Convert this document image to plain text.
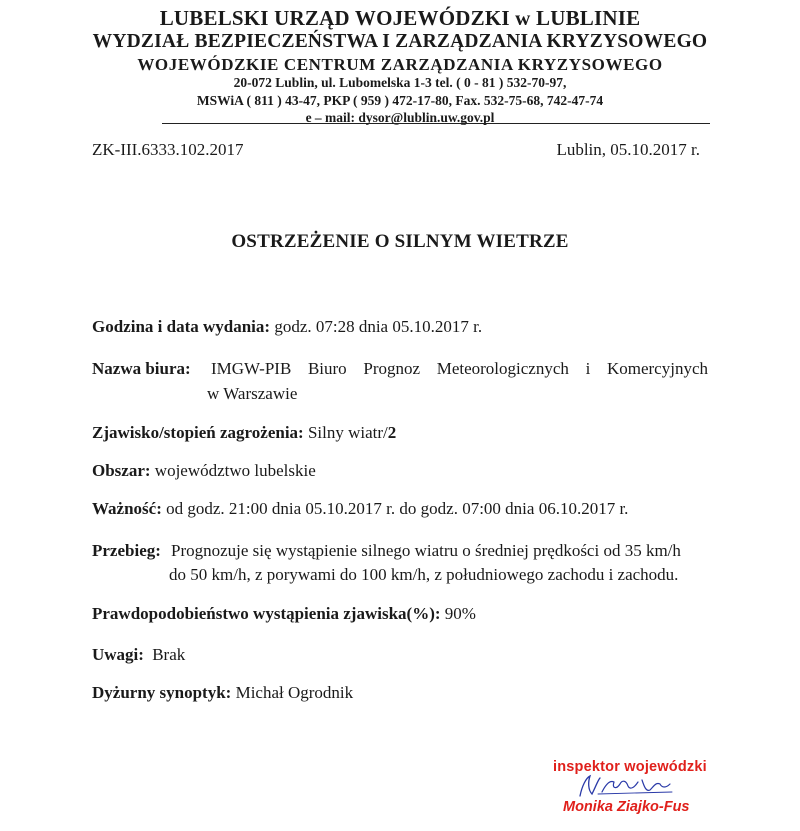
LUBELSKI URZĄD WOJEWÓDZKI w LUBLINIE
WYDZIAŁ BEZPIECZEŃSTWA I ZARZĄDZANIA KRYZYSOWEGO
WOJEWÓDZKIE CENTRUM ZARZĄDZANIA KRYZYSOWEGO
20-072 Lublin, ul. Lubomelska 1-3 tel. ( 0 - 81 ) 532-70-97,
MSWiA ( 811 ) 43-47, PKP ( 959 ) 472-17-80, Fax. 532-75-68, 742-47-74
e – mail: dysor@lublin.uw.gov.pl
ZK-III.6333.102.2017	Lublin, 05.10.2017 r.
OSTRZEŻENIE O SILNYM WIETRZE
Godzina i data wydania: godz. 07:28 dnia 05.10.2017 r.
Nazwa biura: IMGW-PIB Biuro Prognoz Meteorologicznych i Komercyjnych
w Warszawie
Zjawisko/stopień zagrożenia: Silny wiatr/2
Obszar: województwo lubelskie
Ważność: od godz. 21:00 dnia 05.10.2017 r. do godz. 07:00 dnia 06.10.2017 r.
Przebieg: Prognozuje się wystąpienie silnego wiatru o średniej prędkości od 35 km/h
do 50 km/h, z porywami do 100 km/h, z południowego zachodu i zachodu.
Prawdopodobieństwo wystąpienia zjawiska(%): 90%
Uwagi: Brak
Dyżurny synoptyk: Michał Ogrodnik
inspektor wojewódzki
Monika Ziajko-Fus
